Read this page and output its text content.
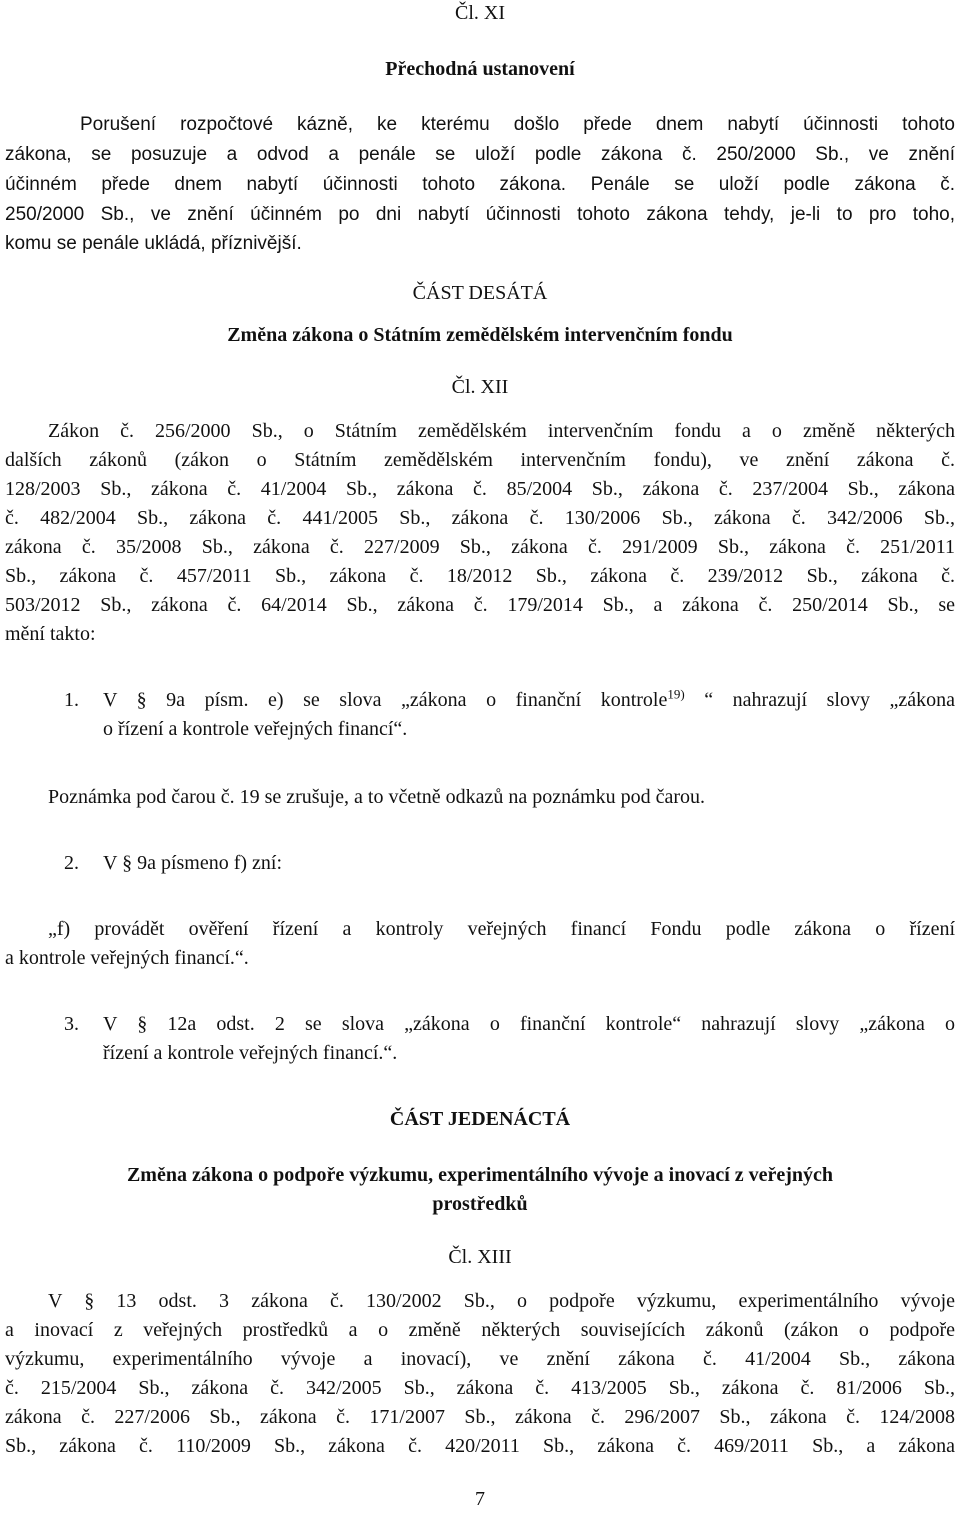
Čl. XI

Přechodná ustanovení

Porušení rozpočtové kázně, ke kterému došlo přede dnem nabytí účinnosti tohoto

zákona, se posuzuje a odvod a penále se uloží podle zákona č. 250/2000 Sb., ve znění

účinném přede dnem nabytí účinnosti tohoto zákona. Penále se uloží podle zákona č.

250/2000 Sb., ve znění účinném po dni nabytí účinnosti tohoto zákona tehdy, je-li to pro toho,

komu se penále ukládá, příznivější.

ČÁST DESÁTÁ

Změna zákona o Státním zemědělském intervenčním fondu

Čl. XII

Zákon č. 256/2000 Sb., o Státním zemědělském intervenčním fondu a o změně některých

dalších zákonů (zákon o Státním zemědělském intervenčním fondu), ve znění zákona č.

128/2003 Sb., zákona č. 41/2004 Sb., zákona č. 85/2004 Sb., zákona č. 237/2004 Sb., zákona

č. 482/2004 Sb., zákona č. 441/2005 Sb., zákona č. 130/2006 Sb., zákona č. 342/2006 Sb.,

zákona č. 35/2008 Sb., zákona č. 227/2009 Sb., zákona č. 291/2009 Sb., zákona č. 251/2011

Sb., zákona č. 457/2011 Sb., zákona č. 18/2012 Sb., zákona č. 239/2012 Sb., zákona č.

503/2012 Sb., zákona č. 64/2014 Sb., zákona č. 179/2014 Sb., a zákona č. 250/2014 Sb., se

mění takto:

1. V § 9a písm. e) se slova „zákona o finanční kontrole$^{19)}$ “ nahrazují slovy „zákona

o řízení a kontrole veřejných financí“.

Poznámka pod čarou č. 19 se zrušuje, a to včetně odkazů na poznámku pod čarou.

2. V § 9a písmeno f) zní:

„f) provádět ověření řízení a kontroly veřejných financí Fondu podle zákona o řízení

a kontrole veřejných financí.“.

3. V § 12a odst. 2 se slova „zákona o finanční kontrole“ nahrazují slovy „zákona o

řízení a kontrole veřejných financí.“.

ČÁST JEDENÁCTÁ

Změna zákona o podpoře výzkumu, experimentálního vývoje a inovací z veřejných

prostředků

Čl. XIII

V § 13 odst. 3 zákona č. 130/2002 Sb., o podpoře výzkumu, experimentálního vývoje

a inovací z veřejných prostředků a o změně některých souvisejících zákonů (zákon o podpoře

výzkumu, experimentálního vývoje a inovací), ve znění zákona č. 41/2004 Sb., zákona

č. 215/2004 Sb., zákona č. 342/2005 Sb., zákona č. 413/2005 Sb., zákona č. 81/2006 Sb.,

zákona č. 227/2006 Sb., zákona č. 171/2007 Sb., zákona č. 296/2007 Sb., zákona č. 124/2008

Sb., zákona č. 110/2009 Sb., zákona č. 420/2011 Sb., zákona č. 469/2011 Sb., a zákona

7
